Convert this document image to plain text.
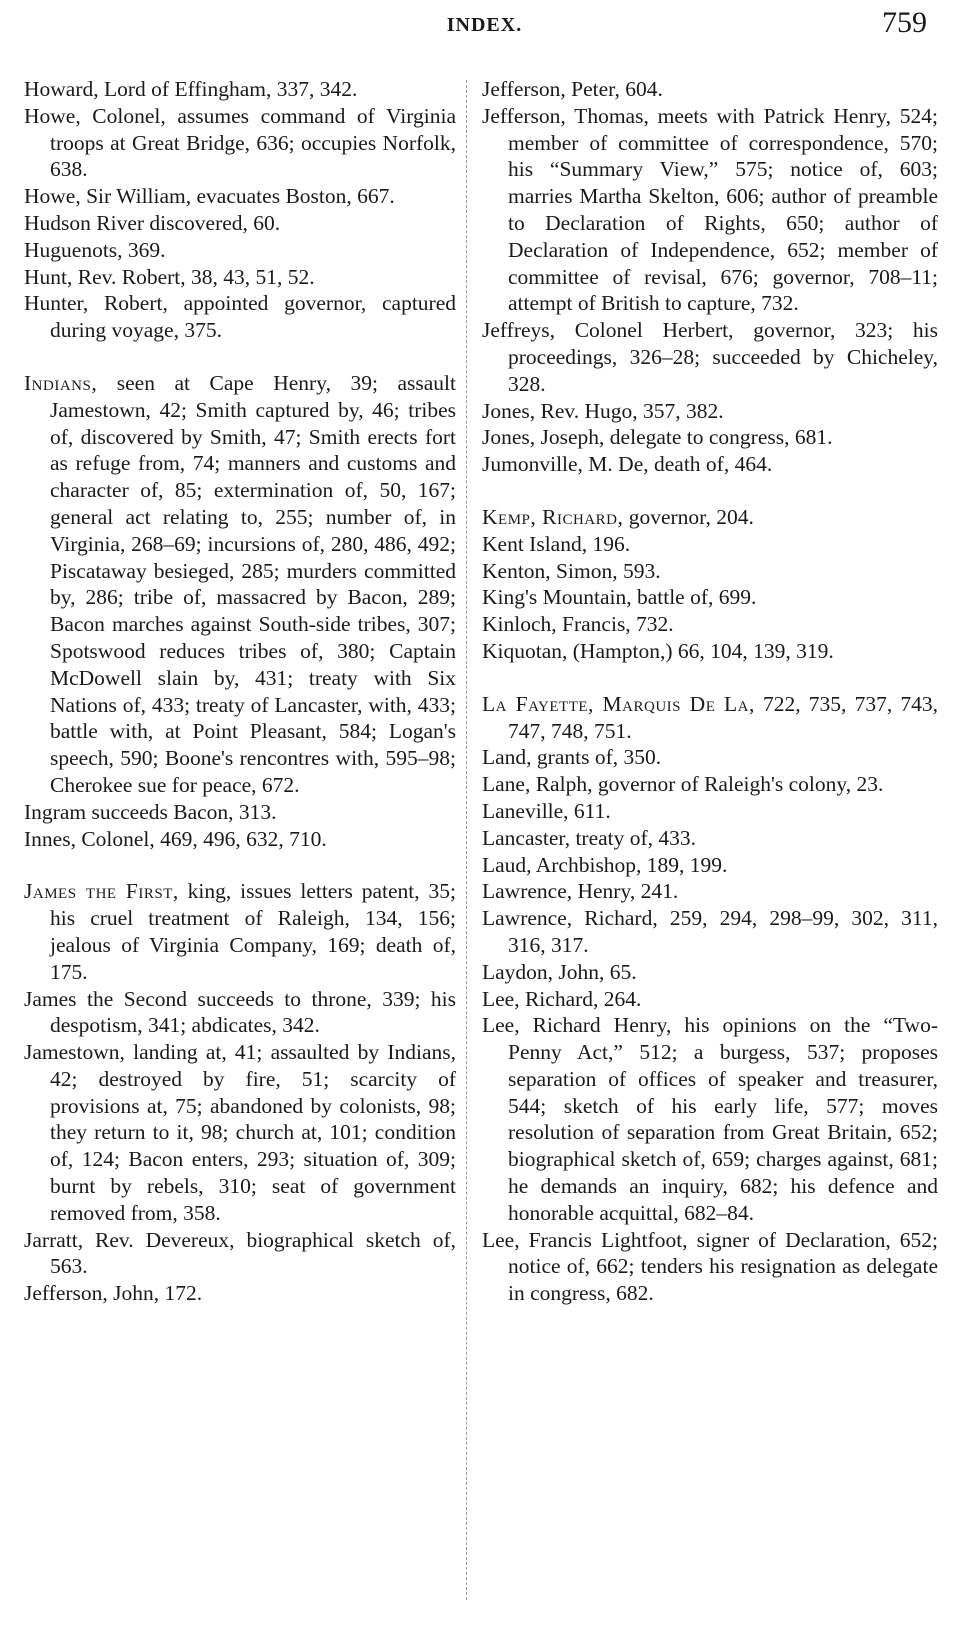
INDEX.	759

Howard, Lord of Effingham, 337, 342.

Howe, Colonel, assumes command of Virginia troops at Great Bridge, 636; occupies Norfolk, 638.

Howe, Sir William, evacuates Boston, 667.

Hudson River discovered, 60.

Huguenots, 369.

Hunt, Rev. Robert, 38, 43, 51, 52.

Hunter, Robert, appointed governor, captured during voyage, 375.

Indians, seen at Cape Henry, 39; assault Jamestown, 42; Smith captured by, 46; tribes of, discovered by Smith, 47; Smith erects fort as refuge from, 74; manners and customs and character of, 85; extermination of, 50, 167; general act relating to, 255; number of, in Virginia, 268–69; incursions of, 280, 486, 492; Piscataway besieged, 285; murders committed by, 286; tribe of, massacred by Bacon, 289; Bacon marches against South-side tribes, 307; Spotswood reduces tribes of, 380; Captain McDowell slain by, 431; treaty with Six Nations of, 433; treaty of Lancaster, with, 433; battle with, at Point Pleasant, 584; Logan's speech, 590; Boone's rencontres with, 595–98; Cherokee sue for peace, 672.

Ingram succeeds Bacon, 313.

Innes, Colonel, 469, 496, 632, 710.

James the First, king, issues letters patent, 35; his cruel treatment of Raleigh, 134, 156; jealous of Virginia Company, 169; death of, 175.

James the Second succeeds to throne, 339; his despotism, 341; abdicates, 342.

Jamestown, landing at, 41; assaulted by Indians, 42; destroyed by fire, 51; scarcity of provisions at, 75; abandoned by colonists, 98; they return to it, 98; church at, 101; condition of, 124; Bacon enters, 293; situation of, 309; burnt by rebels, 310; seat of government removed from, 358.

Jarratt, Rev. Devereux, biographical sketch of, 563.

Jefferson, John, 172.

Jefferson, Peter, 604.

Jefferson, Thomas, meets with Patrick Henry, 524; member of committee of correspondence, 570; his “Summary View,” 575; notice of, 603; marries Martha Skelton, 606; author of preamble to Declaration of Rights, 650; author of Declaration of Independence, 652; member of committee of revisal, 676; governor, 708–11; attempt of British to capture, 732.

Jeffreys, Colonel Herbert, governor, 323; his proceedings, 326–28; succeeded by Chicheley, 328.

Jones, Rev. Hugo, 357, 382.

Jones, Joseph, delegate to congress, 681.

Jumonville, M. De, death of, 464.

Kemp, Richard, governor, 204.

Kent Island, 196.

Kenton, Simon, 593.

King's Mountain, battle of, 699.

Kinloch, Francis, 732.

Kiquotan, (Hampton,) 66, 104, 139, 319.

La Fayette, Marquis De La, 722, 735, 737, 743, 747, 748, 751.

Land, grants of, 350.

Lane, Ralph, governor of Raleigh's colony, 23.

Laneville, 611.

Lancaster, treaty of, 433.

Laud, Archbishop, 189, 199.

Lawrence, Henry, 241.

Lawrence, Richard, 259, 294, 298–99, 302, 311, 316, 317.

Laydon, John, 65.

Lee, Richard, 264.

Lee, Richard Henry, his opinions on the “Two-Penny Act,” 512; a burgess, 537; proposes separation of offices of speaker and treasurer, 544; sketch of his early life, 577; moves resolution of separation from Great Britain, 652; biographical sketch of, 659; charges against, 681; he demands an inquiry, 682; his defence and honorable acquittal, 682–84.

Lee, Francis Lightfoot, signer of Declaration, 652; notice of, 662; tenders his resignation as delegate in congress, 682.
